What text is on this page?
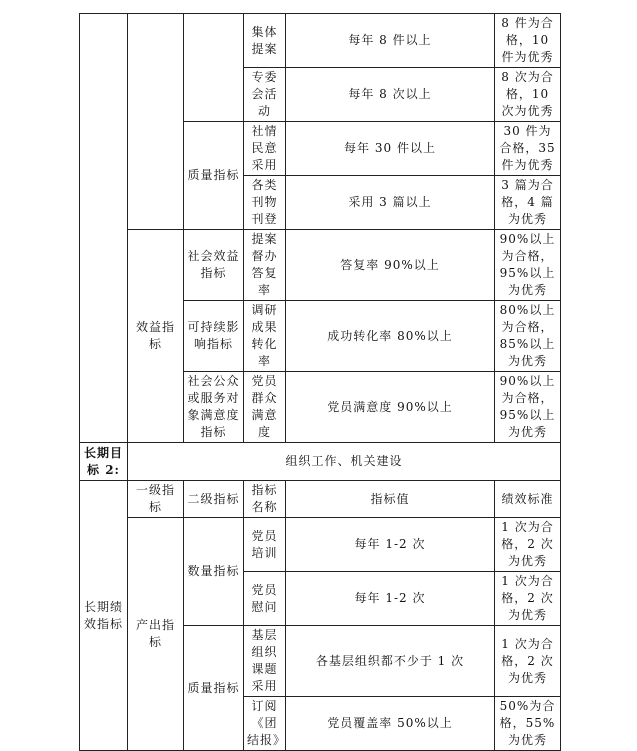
			集体提案	每年 8 件以上	8 件为合格，10 件为优秀
			专委会活动	每年 8 次以上	8 次为合格，10 次为优秀
		质量指标	社情民意采用	每年 30 件以上	30 件为合格，35 件为优秀
			各类刊物刊登	采用 3 篇以上	3 篇为合格，4 篇为优秀
	效益指标	社会效益指标	提案督办答复率	答复率 90%以上	90%以上为合格，95%以上为优秀
		可持续影响指标	调研成果转化率	成功转化率 80%以上	80%以上为合格，85%以上为优秀
		社会公众或服务对象满意度指标	党员群众满意度	党员满意度 90%以上	90%以上为合格，95%以上为优秀
长期目标 2:	组织工作、机关建设				
长期绩效指标	一级指标	二级指标	指标名称	指标值	绩效标准
	产出指标	数量指标	党员培训	每年 1-2 次	1 次为合格，2 次为优秀
			党员慰问	每年 1-2 次	1 次为合格，2 次为优秀
		质量指标	基层组织课题采用	各基层组织都不少于 1 次	1 次为合格，2 次为优秀
			订阅《团结报》	党员覆盖率 50%以上	50%为合格，55%为优秀
